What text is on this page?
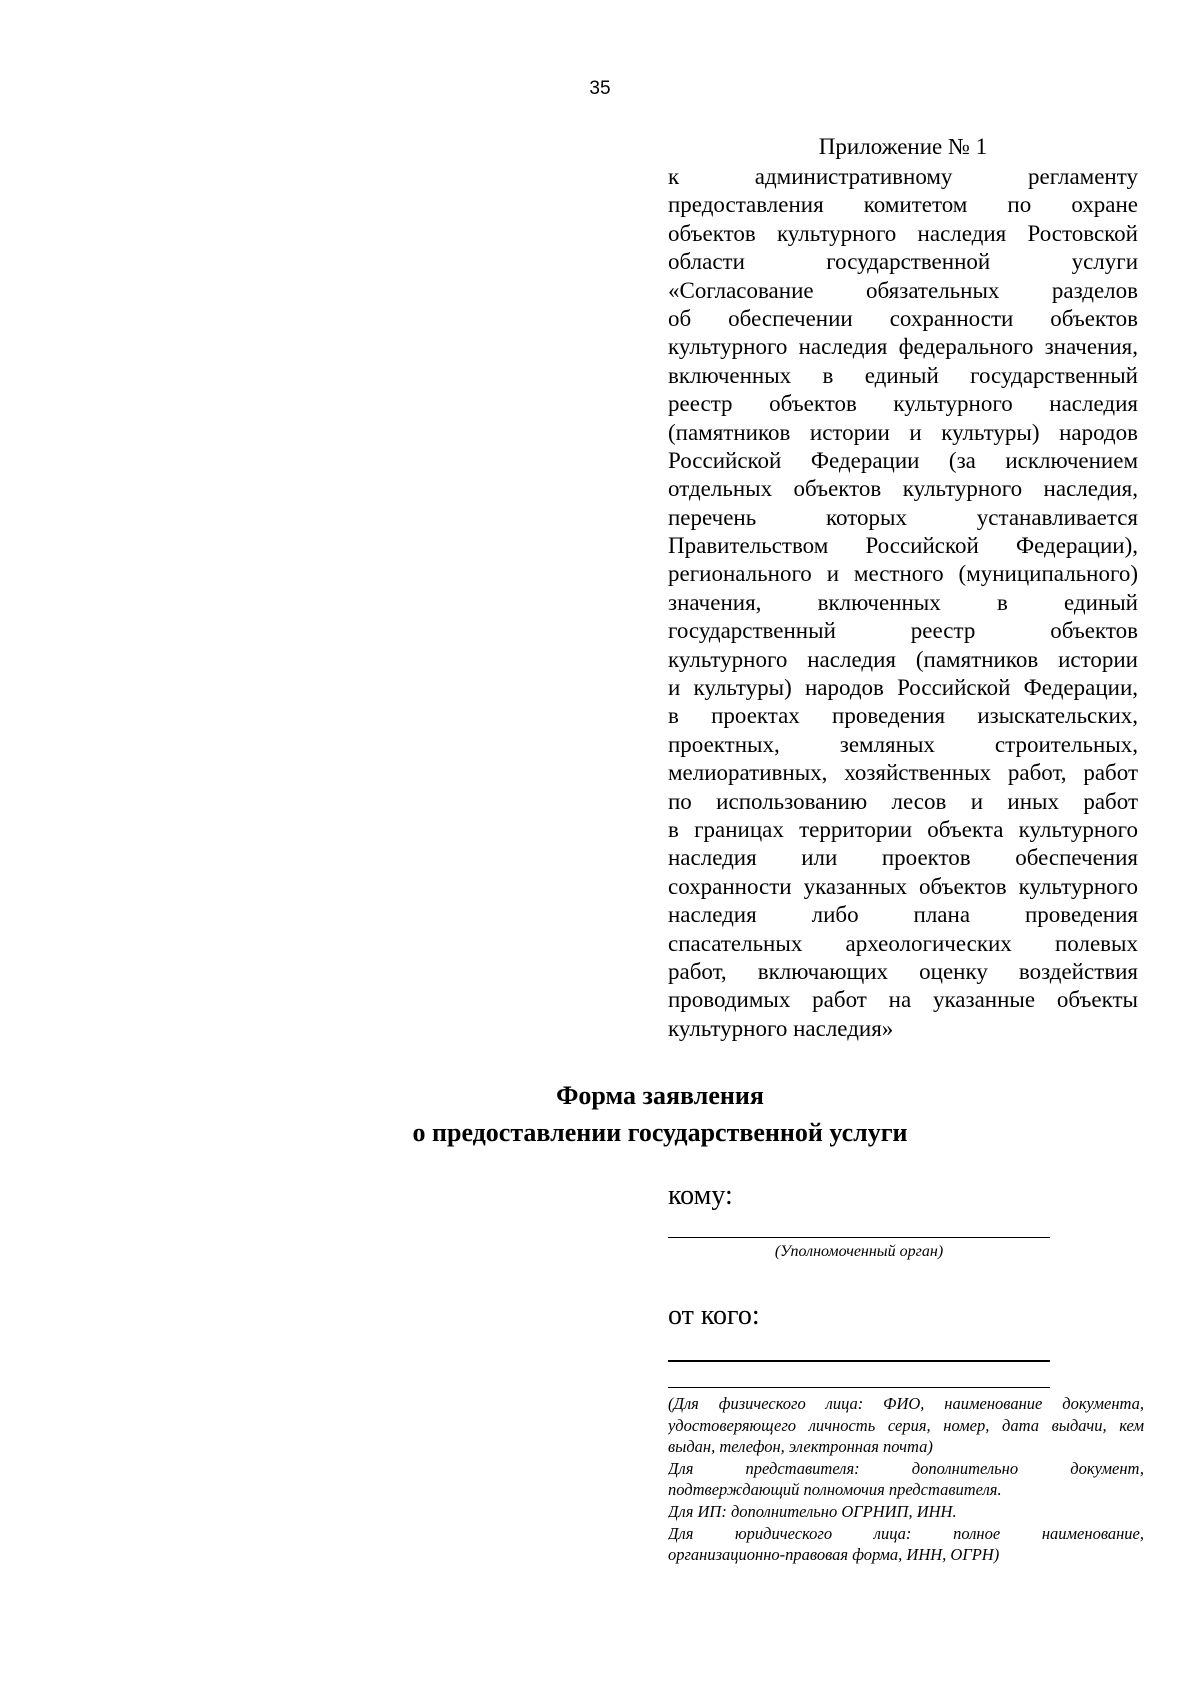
35
Приложение № 1
к административному регламенту
предоставления комитетом по охране
объектов культурного наследия Ростовской
области государственной услуги
«Согласование обязательных разделов
об обеспечении сохранности объектов
культурного наследия федерального значения,
включенных в единый государственный
реестр объектов культурного наследия
(памятников истории и культуры) народов
Российской Федерации (за исключением
отдельных объектов культурного наследия,
перечень которых устанавливается
Правительством Российской Федерации),
регионального и местного (муниципального)
значения, включенных в единый
государственный реестр объектов
культурного наследия (памятников истории
и культуры) народов Российской Федерации,
в проектах проведения изыскательских,
проектных, земляных строительных,
мелиоративных, хозяйственных работ, работ
по использованию лесов и иных работ
в границах территории объекта культурного
наследия или проектов обеспечения
сохранности указанных объектов культурного
наследия либо плана проведения
спасательных археологических полевых
работ, включающих оценку воздействия
проводимых работ на указанные объекты
культурного наследия»
Форма заявления
о предоставлении государственной услуги
кому:
(Уполномоченный орган)
от кого:
(Для физического лица: ФИО, наименование документа,
удостоверяющего личность серия, номер, дата выдачи, кем
выдан, телефон, электронная почта)
Для представителя: дополнительно документ,
подтверждающий полномочия представителя.
Для ИП: дополнительно ОГРНИП, ИНН.
Для юридического лица: полное наименование,
организационно-правовая форма, ИНН, ОГРН)
